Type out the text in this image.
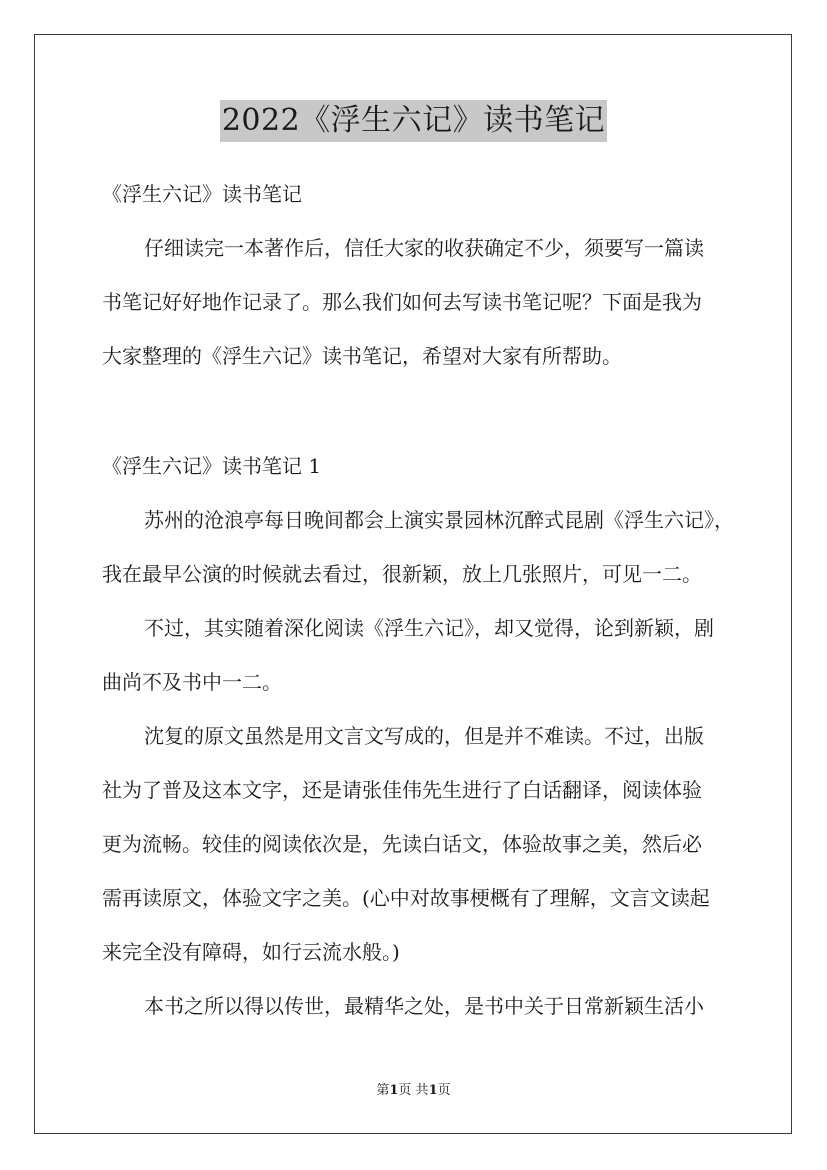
2022《浮生六记》读书笔记

《浮生六记》读书笔记

仔细读完一本著作后，信任大家的收获确定不少，须要写一篇读

书笔记好好地作记录了。那么我们如何去写读书笔记呢？下面是我为

大家整理的《浮生六记》读书笔记，希望对大家有所帮助。

《浮生六记》读书笔记 1

苏州的沧浪亭每日晚间都会上演实景园林沉醉式昆剧《浮生六记》，

我在最早公演的时候就去看过，很新颖，放上几张照片，可见一二。

不过，其实随着深化阅读《浮生六记》，却又觉得，论到新颖，剧

曲尚不及书中一二。

沈复的原文虽然是用文言文写成的，但是并不难读。不过，出版

社为了普及这本文字，还是请张佳伟先生进行了白话翻译，阅读体验

更为流畅。较佳的阅读依次是，先读白话文，体验故事之美，然后必

需再读原文，体验文字之美。(心中对故事梗概有了理解，文言文读起

来完全没有障碍，如行云流水般。)

本书之所以得以传世，最精华之处，是书中关于日常新颖生活小

第1页 共1页
